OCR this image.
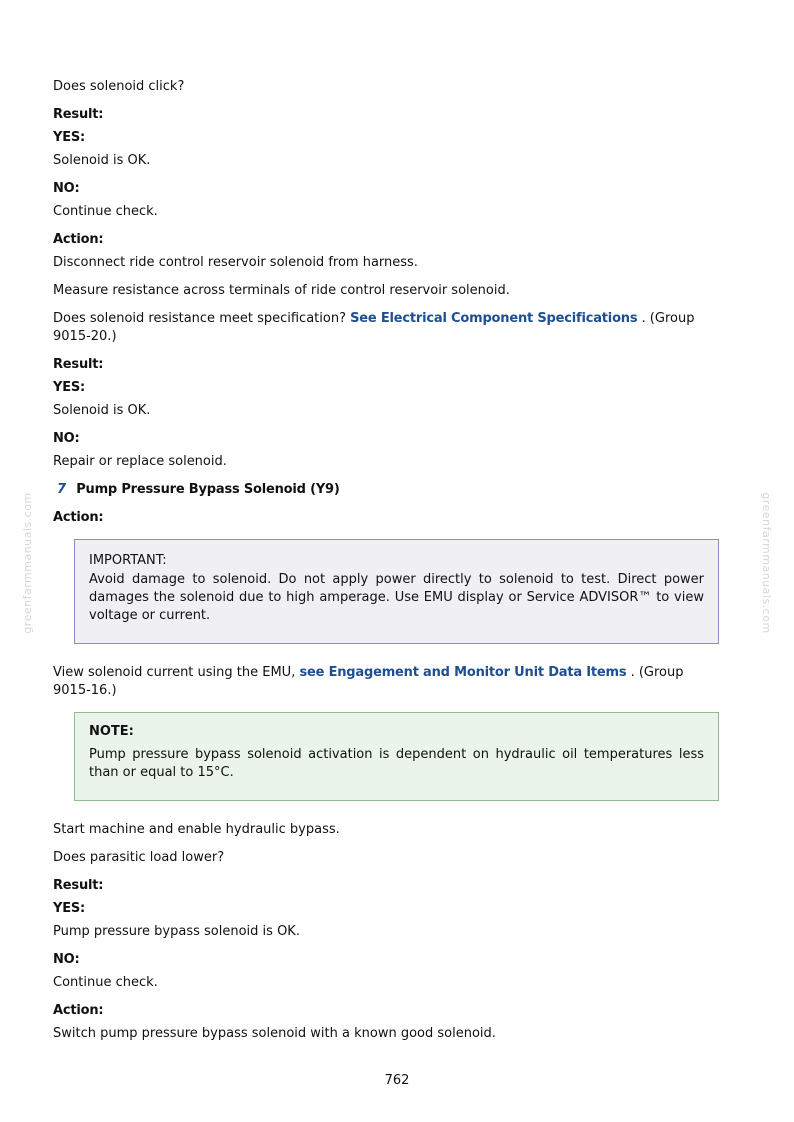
greenfarmmanuals.com	greenfarmmanuals.com

Does solenoid click?

Result:

YES:

Solenoid is OK.

NO:

Continue check.

Action:

Disconnect ride control reservoir solenoid from harness.

Measure resistance across terminals of ride control reservoir solenoid.

Does solenoid resistance meet specification? See Electrical Component Specifications . (Group 9015-20.)

Result:

YES:

Solenoid is OK.

NO:

Repair or replace solenoid.

7 Pump Pressure Bypass Solenoid (Y9)

Action:

IMPORTANT:

Avoid damage to solenoid. Do not apply power directly to solenoid to test. Direct power damages the solenoid due to high amperage. Use EMU display or Service ADVISOR™ to view voltage or current.

View solenoid current using the EMU, see Engagement and Monitor Unit Data Items . (Group 9015-16.)

NOTE:

Pump pressure bypass solenoid activation is dependent on hydraulic oil temperatures less than or equal to 15°C.

Start machine and enable hydraulic bypass.

Does parasitic load lower?

Result:

YES:

Pump pressure bypass solenoid is OK.

NO:

Continue check.

Action:

Switch pump pressure bypass solenoid with a known good solenoid.

762
